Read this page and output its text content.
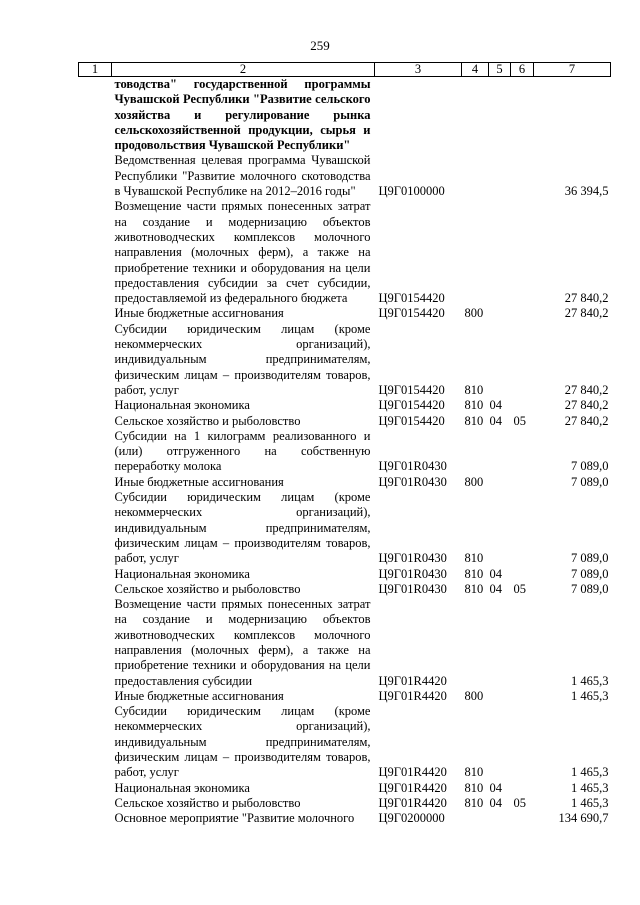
259
1	2	3	4	5	6	7
	товодства" государственной программы Чувашской Республики "Развитие сельского хозяйства и регулирование рынка сельскохозяйственной продукции, сырья и продовольствия Чувашской Республики"					
	Ведомственная целевая программа Чувашской Республики "Развитие молочного скотоводства в Чувашской Республике на 2012–2016 годы"	Ц9Г0100000				36 394,5
	Возмещение части прямых понесенных затрат на создание и модернизацию объектов животноводческих комплексов молочного направления (молочных ферм), а также на приобретение техники и оборудования на цели предоставления субсидии за счет субсидии, предоставляемой из федерального бюджета	Ц9Г0154420				27 840,2
	Иные бюджетные ассигнования	Ц9Г0154420	800			27 840,2
	Субсидии юридическим лицам (кроме некоммерческих организаций), индивидуальным предпринимателям, физическим лицам – производителям товаров, работ, услуг	Ц9Г0154420	810			27 840,2
	Национальная экономика	Ц9Г0154420	810	04		27 840,2
	Сельское хозяйство и рыболовство	Ц9Г0154420	810	04	05	27 840,2
	Субсидии на 1 килограмм реализованного и (или) отгруженного на собственную переработку молока	Ц9Г01R0430				7 089,0
	Иные бюджетные ассигнования	Ц9Г01R0430	800			7 089,0
	Субсидии юридическим лицам (кроме некоммерческих организаций), индивидуальным предпринимателям, физическим лицам – производителям товаров, работ, услуг	Ц9Г01R0430	810			7 089,0
	Национальная экономика	Ц9Г01R0430	810	04		7 089,0
	Сельское хозяйство и рыболовство	Ц9Г01R0430	810	04	05	7 089,0
	Возмещение части прямых понесенных затрат на создание и модернизацию объектов животноводческих комплексов молочного направления (молочных ферм), а также на приобретение техники и оборудования на цели предоставления субсидии	Ц9Г01R4420				1 465,3
	Иные бюджетные ассигнования	Ц9Г01R4420	800			1 465,3
	Субсидии юридическим лицам (кроме некоммерческих организаций), индивидуальным предпринимателям, физическим лицам – производителям товаров, работ, услуг	Ц9Г01R4420	810			1 465,3
	Национальная экономика	Ц9Г01R4420	810	04		1 465,3
	Сельское хозяйство и рыболовство	Ц9Г01R4420	810	04	05	1 465,3
	Основное мероприятие "Развитие молочного	Ц9Г0200000				134 690,7
